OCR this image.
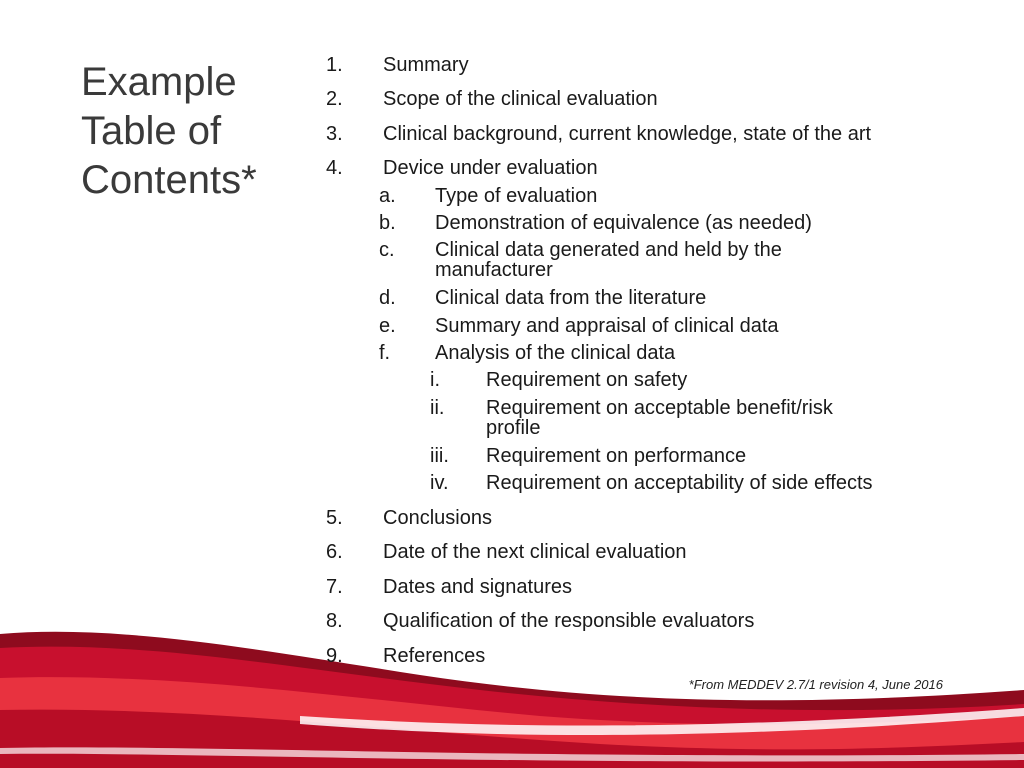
Example
Table of
Contents*
1. Summary
2. Scope of the clinical evaluation
3. Clinical background, current knowledge, state of the art
4. Device under evaluation
a. Type of evaluation
b. Demonstration of equivalence (as needed)
c. Clinical data generated and held by the
manufacturer
d. Clinical data from the literature
e. Summary and appraisal of clinical data
f. Analysis of the clinical data
i. Requirement on safety
ii. Requirement on acceptable benefit/risk
profile
iii. Requirement on performance
iv. Requirement on acceptability of side effects
5. Conclusions
6. Date of the next clinical evaluation
7. Dates and signatures
8. Qualification of the responsible evaluators
9. References
*From MEDDEV 2.7/1 revision 4, June 2016
